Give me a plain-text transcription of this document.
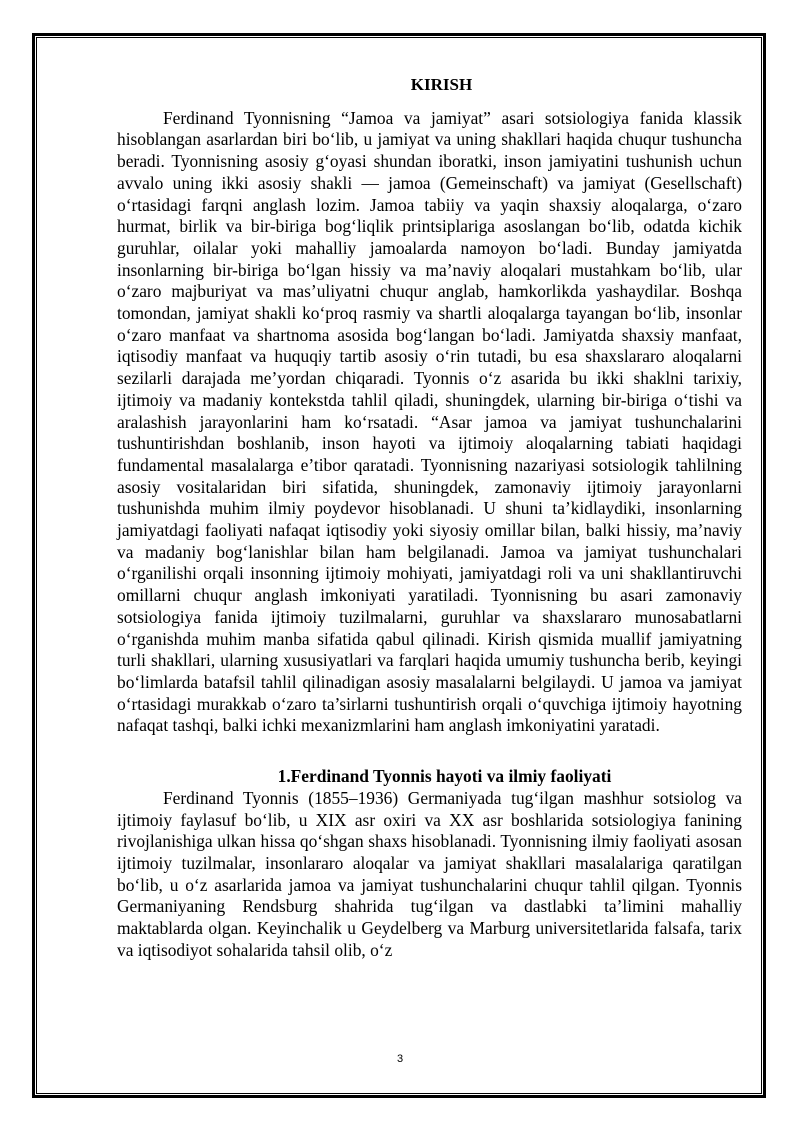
KIRISH

Ferdinand Tyonnisning “Jamoa va jamiyat” asari sotsiologiya fanida klassik hisoblangan asarlardan biri bo‘lib, u jamiyat va uning shakllari haqida chuqur tushuncha beradi. Tyonnisning asosiy g‘oyasi shundan iboratki, inson jamiyatini tushunish uchun avvalo uning ikki asosiy shakli — jamoa (Gemeinschaft) va jamiyat (Gesellschaft) o‘rtasidagi farqni anglash lozim. Jamoa tabiiy va yaqin shaxsiy aloqalarga, o‘zaro hurmat, birlik va bir-biriga bog‘liqlik printsiplariga asoslangan bo‘lib, odatda kichik guruhlar, oilalar yoki mahalliy jamoalarda namoyon bo‘ladi. Bunday jamiyatda insonlarning bir-biriga bo‘lgan hissiy va ma’naviy aloqalari mustahkam bo‘lib, ular o‘zaro majburiyat va mas’uliyatni chuqur anglab, hamkorlikda yashaydilar. Boshqa tomondan, jamiyat shakli ko‘proq rasmiy va shartli aloqalarga tayangan bo‘lib, insonlar o‘zaro manfaat va shartnoma asosida bog‘langan bo‘ladi. Jamiyatda shaxsiy manfaat, iqtisodiy manfaat va huquqiy tartib asosiy o‘rin tutadi, bu esa shaxslararo aloqalarni sezilarli darajada me’yordan chiqaradi. Tyonnis o‘z asarida bu ikki shaklni tarixiy, ijtimoiy va madaniy kontekstda tahlil qiladi, shuningdek, ularning bir-biriga o‘tishi va aralashish jarayonlarini ham ko‘rsatadi. “Asar jamoa va jamiyat tushunchalarini tushuntirishdan boshlanib, inson hayoti va ijtimoiy aloqalarning tabiati haqidagi fundamental masalalarga e’tibor qaratadi. Tyonnisning nazariyasi sotsiologik tahlilning asosiy vositalaridan biri sifatida, shuningdek, zamonaviy ijtimoiy jarayonlarni tushunishda muhim ilmiy poydevor hisoblanadi. U shuni ta’kidlaydiki, insonlarning jamiyatdagi faoliyati nafaqat iqtisodiy yoki siyosiy omillar bilan, balki hissiy, ma’naviy va madaniy bog‘lanishlar bilan ham belgilanadi. Jamoa va jamiyat tushunchalari o‘rganilishi orqali insonning ijtimoiy mohiyati, jamiyatdagi roli va uni shakllantiruvchi omillarni chuqur anglash imkoniyati yaratiladi. Tyonnisning bu asari zamonaviy sotsiologiya fanida ijtimoiy tuzilmalarni, guruhlar va shaxslararo munosabatlarni o‘rganishda muhim manba sifatida qabul qilinadi. Kirish qismida muallif jamiyatning turli shakllari, ularning xususiyatlari va farqlari haqida umumiy tushuncha berib, keyingi bo‘limlarda batafsil tahlil qilinadigan asosiy masalalarni belgilaydi. U jamoa va jamiyat o‘rtasidagi murakkab o‘zaro ta’sirlarni tushuntirish orqali o‘quvchiga ijtimoiy hayotning nafaqat tashqi, balki ichki mexanizmlarini ham anglash imkoniyatini yaratadi.

1.Ferdinand Tyonnis hayoti va ilmiy faoliyati

Ferdinand Tyonnis (1855–1936) Germaniyada tug‘ilgan mashhur sotsiolog va ijtimoiy faylasuf bo‘lib, u XIX asr oxiri va XX asr boshlarida sotsiologiya fanining rivojlanishiga ulkan hissa qo‘shgan shaxs hisoblanadi. Tyonnisning ilmiy faoliyati asosan ijtimoiy tuzilmalar, insonlararo aloqalar va jamiyat shakllari masalalariga qaratilgan bo‘lib, u o‘z asarlarida jamoa va jamiyat tushunchalarini chuqur tahlil qilgan. Tyonnis Germaniyaning Rendsburg shahrida tug‘ilgan va dastlabki ta’limini mahalliy maktablarda olgan. Keyinchalik u Geydelberg va Marburg universitetlarida falsafa, tarix va iqtisodiyot sohalarida tahsil olib, o‘z

3
